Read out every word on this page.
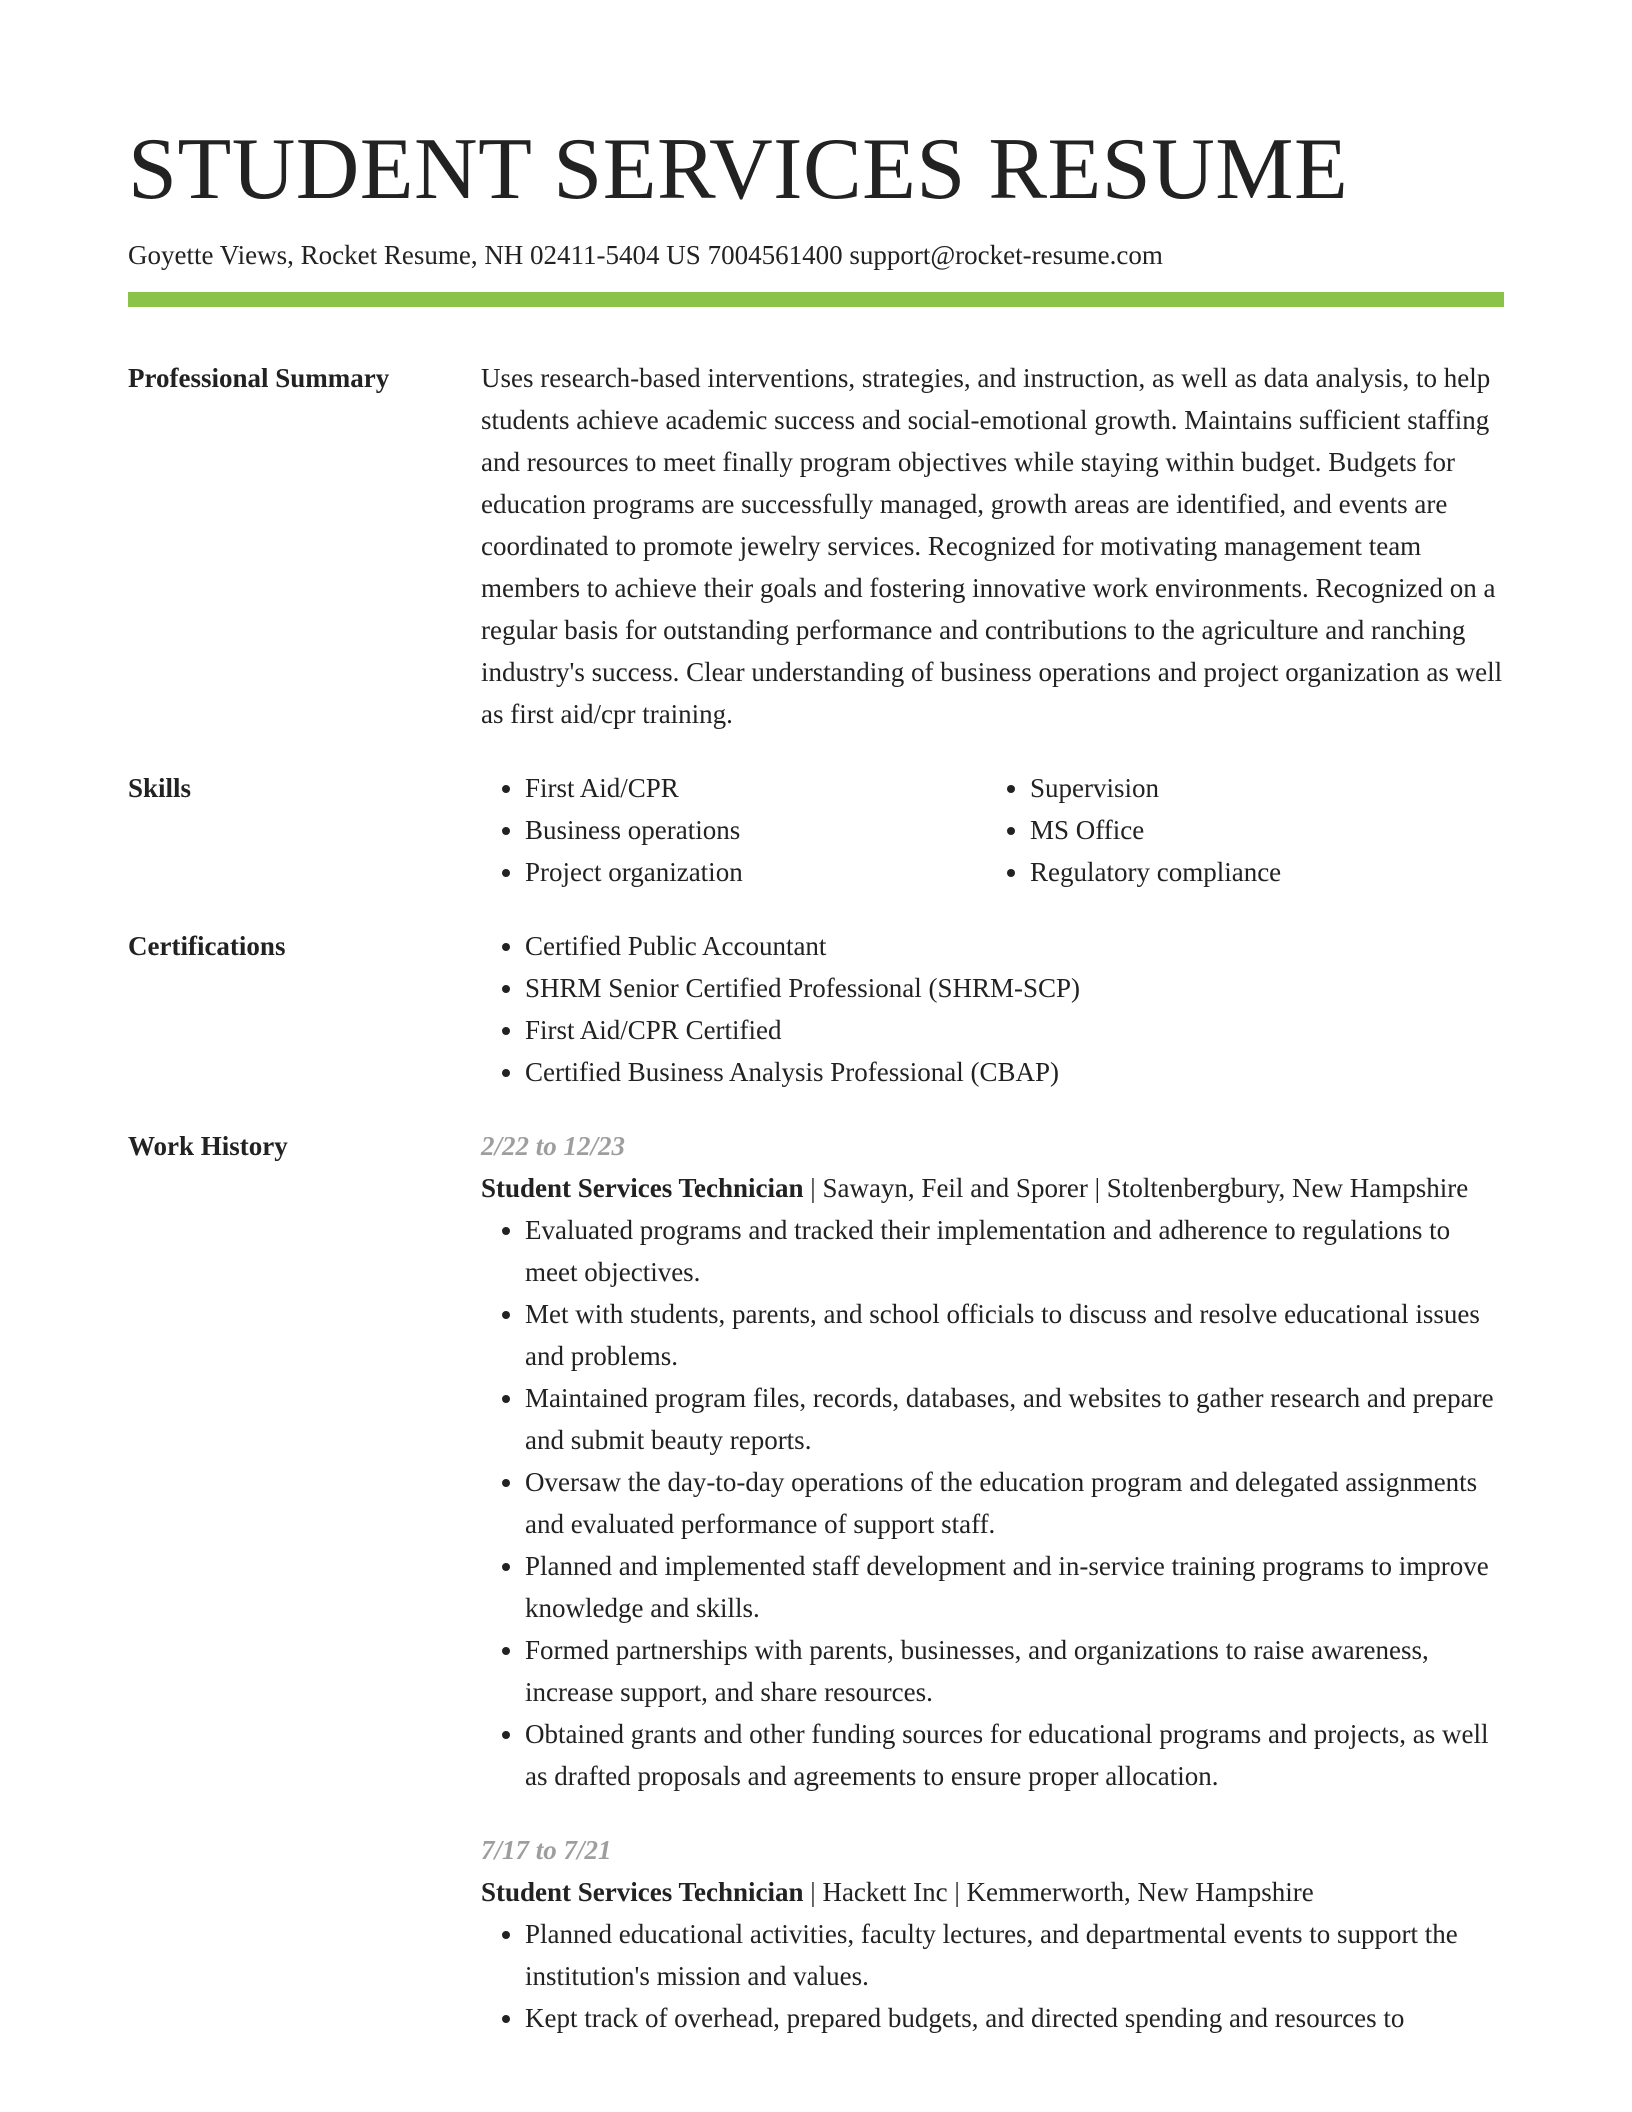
STUDENT SERVICES RESUME
Goyette Views, Rocket Resume, NH 02411-5404 US 7004561400 support@rocket-resume.com
Professional Summary	Uses research-based interventions, strategies, and instruction, as well as data analysis, to help students achieve academic success and social-emotional growth. Maintains sufficient staffing and resources to meet finally program objectives while staying within budget. Budgets for education programs are successfully managed, growth areas are identified, and events are coordinated to promote jewelry services. Recognized for motivating management team members to achieve their goals and fostering innovative work environments. Recognized on a regular basis for outstanding performance and contributions to the agriculture and ranching industry's success. Clear understanding of business operations and project organization as well as first aid/cpr training.

Skills	• First Aid/CPR
• Business operations
• Project organization
• Supervision
• MS Office
• Regulatory compliance
Certifications	• Certified Public Accountant
• SHRM Senior Certified Professional (SHRM-SCP)
• First Aid/CPR Certified
• Certified Business Analysis Professional (CBAP)
Work History	2/22 to 12/23
Student Services Technician | Sawayn, Feil and Sporer | Stoltenbergbury, New Hampshire
• Evaluated programs and tracked their implementation and adherence to regulations to meet objectives.
• Met with students, parents, and school officials to discuss and resolve educational issues and problems.
• Maintained program files, records, databases, and websites to gather research and prepare and submit beauty reports.
• Oversaw the day-to-day operations of the education program and delegated assignments and evaluated performance of support staff.
• Planned and implemented staff development and in-service training programs to improve knowledge and skills.
• Formed partnerships with parents, businesses, and organizations to raise awareness, increase support, and share resources.
• Obtained grants and other funding sources for educational programs and projects, as well as drafted proposals and agreements to ensure proper allocation.
7/17 to 7/21
Student Services Technician | Hackett Inc | Kemmerworth, New Hampshire
• Planned educational activities, faculty lectures, and departmental events to support the institution's mission and values.
• Kept track of overhead, prepared budgets, and directed spending and resources to
